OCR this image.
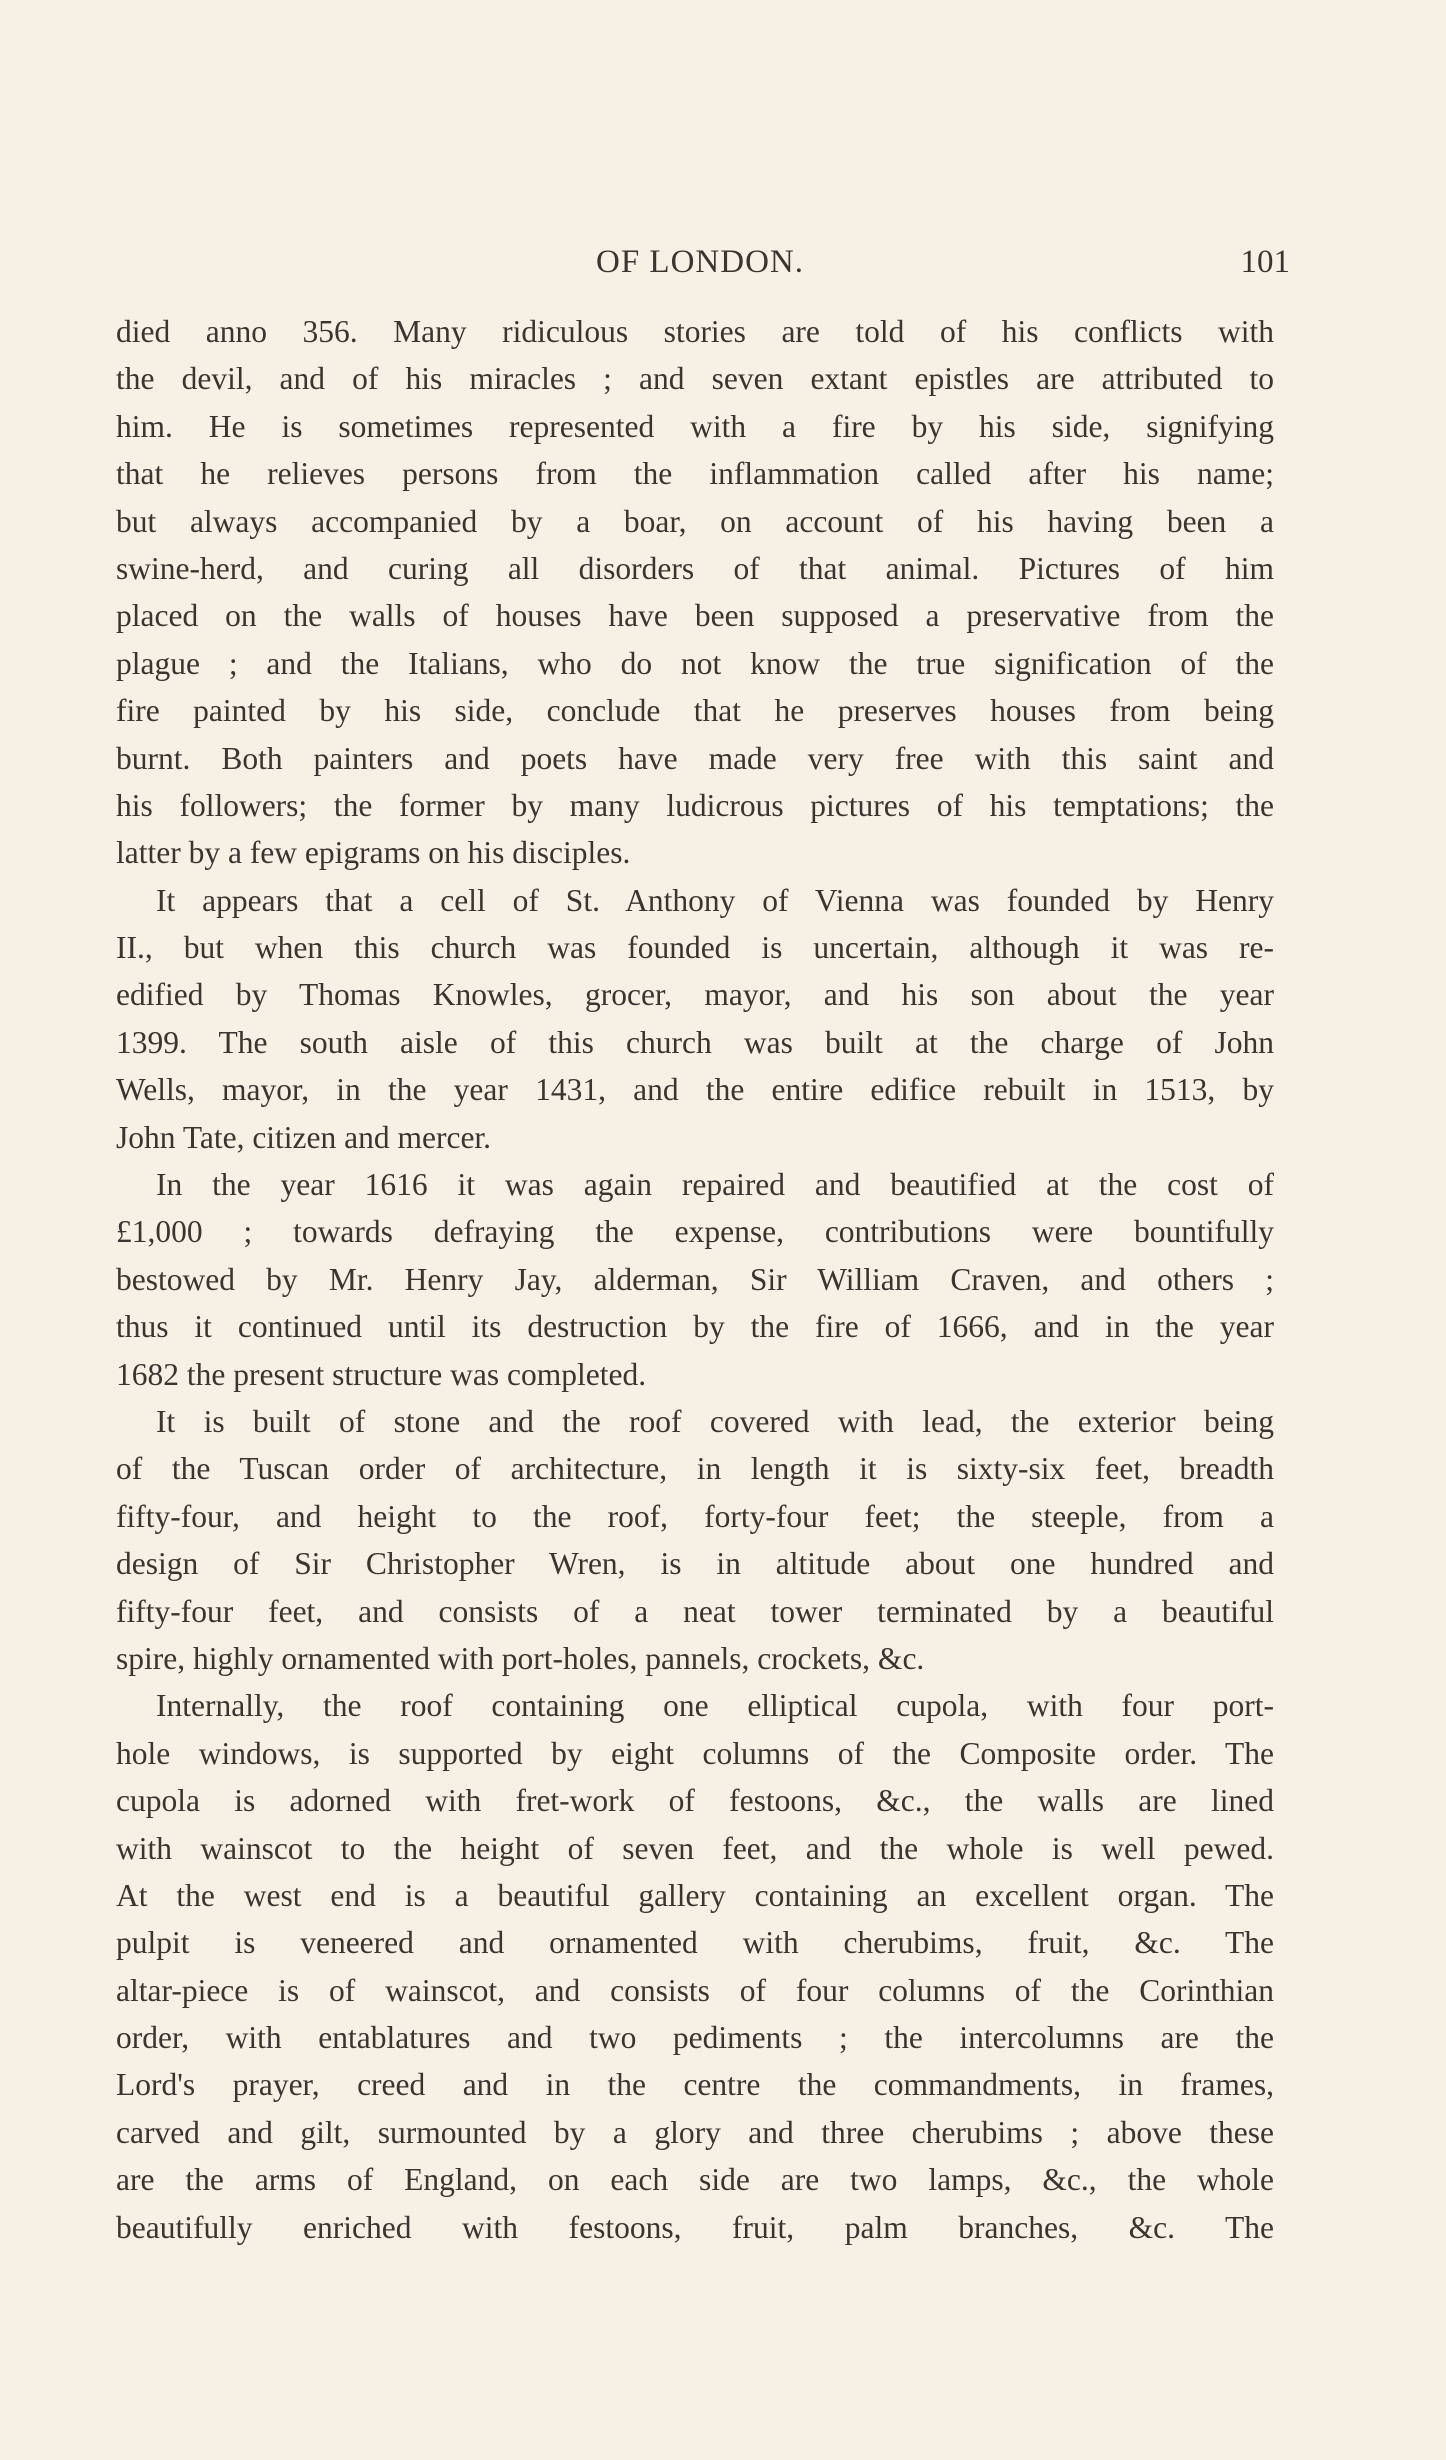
OF LONDON.	101

died anno 356. Many ridiculous stories are told of his conflicts with
the devil, and of his miracles ; and seven extant epistles are attributed to
him. He is sometimes represented with a fire by his side, signifying
that he relieves persons from the inflammation called after his name;
but always accompanied by a boar, on account of his having been a
swine-herd, and curing all disorders of that animal. Pictures of him
placed on the walls of houses have been supposed a preservative from the
plague ; and the Italians, who do not know the true signification of the
fire painted by his side, conclude that he preserves houses from being
burnt. Both painters and poets have made very free with this saint and
his followers; the former by many ludicrous pictures of his temptations; the
latter by a few epigrams on his disciples.

It appears that a cell of St. Anthony of Vienna was founded by Henry
II., but when this church was founded is uncertain, although it was re-
edified by Thomas Knowles, grocer, mayor, and his son about the year
1399. The south aisle of this church was built at the charge of John
Wells, mayor, in the year 1431, and the entire edifice rebuilt in 1513, by
John Tate, citizen and mercer.

In the year 1616 it was again repaired and beautified at the cost of
£1,000 ; towards defraying the expense, contributions were bountifully
bestowed by Mr. Henry Jay, alderman, Sir William Craven, and others ;
thus it continued until its destruction by the fire of 1666, and in the year
1682 the present structure was completed.

It is built of stone and the roof covered with lead, the exterior being
of the Tuscan order of architecture, in length it is sixty-six feet, breadth
fifty-four, and height to the roof, forty-four feet; the steeple, from a
design of Sir Christopher Wren, is in altitude about one hundred and
fifty-four feet, and consists of a neat tower terminated by a beautiful
spire, highly ornamented with port-holes, pannels, crockets, &c.

Internally, the roof containing one elliptical cupola, with four port-
hole windows, is supported by eight columns of the Composite order. The
cupola is adorned with fret-work of festoons, &c., the walls are lined
with wainscot to the height of seven feet, and the whole is well pewed.
At the west end is a beautiful gallery containing an excellent organ. The
pulpit is veneered and ornamented with cherubims, fruit, &c. The
altar-piece is of wainscot, and consists of four columns of the Corinthian
order, with entablatures and two pediments ; the intercolumns are the
Lord's prayer, creed and in the centre the commandments, in frames,
carved and gilt, surmounted by a glory and three cherubims ; above these
are the arms of England, on each side are two lamps, &c., the whole
beautifully enriched with festoons, fruit, palm branches, &c. The
